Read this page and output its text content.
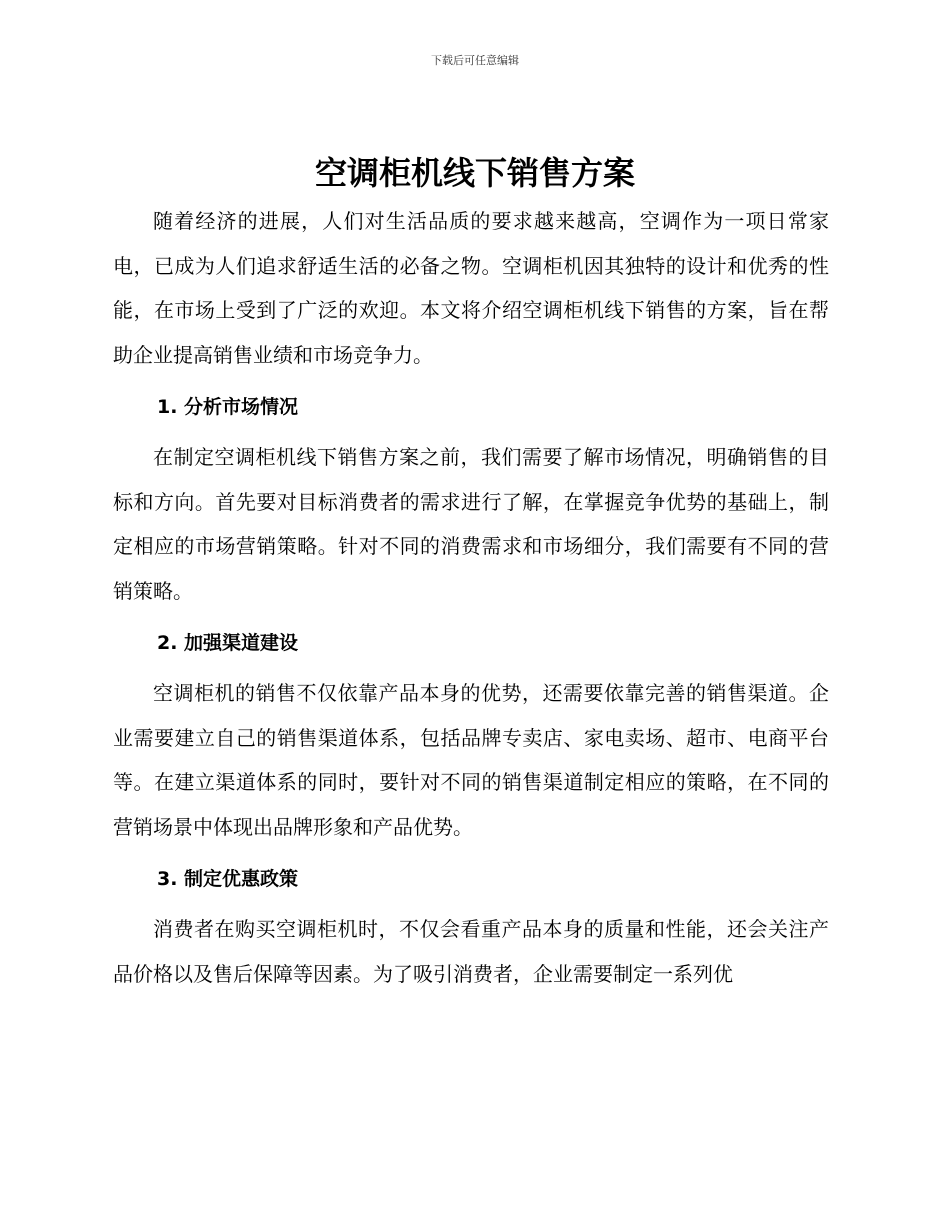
下载后可任意编辑
空调柜机线下销售方案

随着经济的进展，人们对生活品质的要求越来越高，空调作为一项日常家电，已成为人们追求舒适生活的必备之物。空调柜机因其独特的设计和优秀的性能，在市场上受到了广泛的欢迎。本文将介绍空调柜机线下销售的方案，旨在帮助企业提高销售业绩和市场竞争力。

1. 分析市场情况

在制定空调柜机线下销售方案之前，我们需要了解市场情况，明确销售的目标和方向。首先要对目标消费者的需求进行了解，在掌握竞争优势的基础上，制定相应的市场营销策略。针对不同的消费需求和市场细分，我们需要有不同的营销策略。

2. 加强渠道建设

空调柜机的销售不仅依靠产品本身的优势，还需要依靠完善的销售渠道。企业需要建立自己的销售渠道体系，包括品牌专卖店、家电卖场、超市、电商平台等。在建立渠道体系的同时，要针对不同的销售渠道制定相应的策略，在不同的营销场景中体现出品牌形象和产品优势。

3. 制定优惠政策

消费者在购买空调柜机时，不仅会看重产品本身的质量和性能，还会关注产品价格以及售后保障等因素。为了吸引消费者，企业需要制定一系列优
